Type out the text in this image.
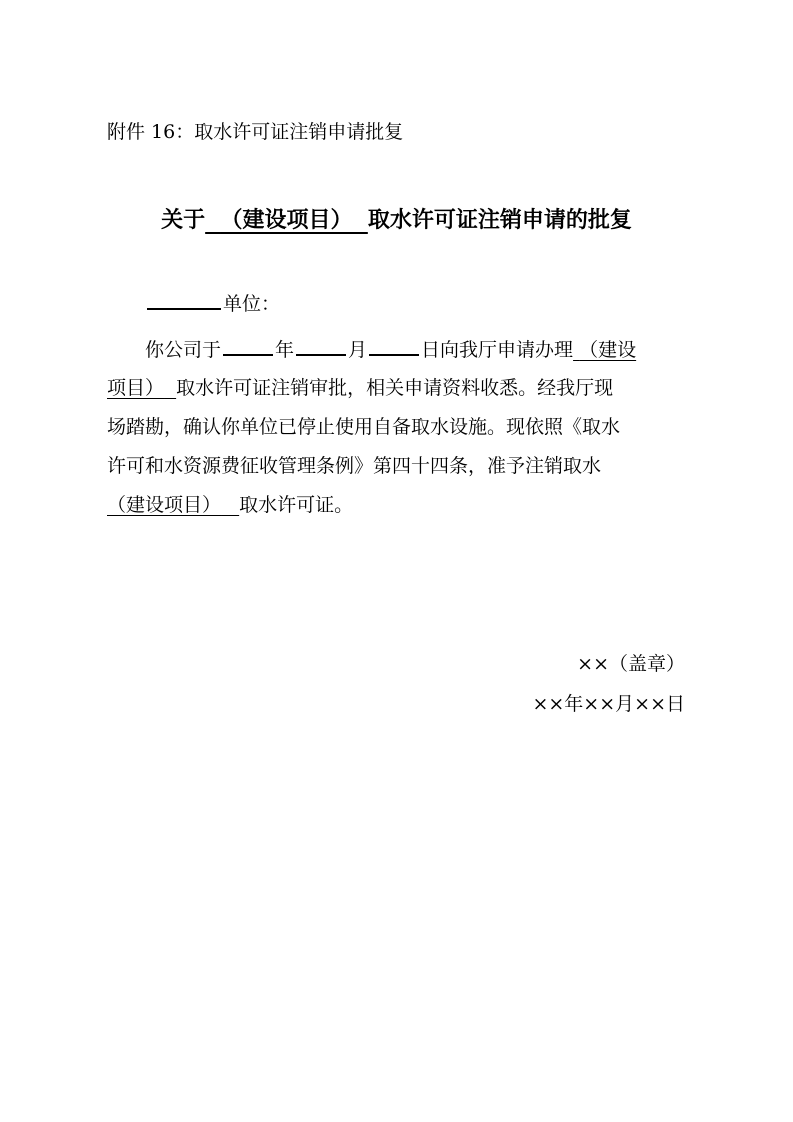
附件 16：取水许可证注销申请批复
关于 （建设项目） 取水许可证注销申请的批复
单位：
你公司于	年	月	日向我厅申请办理 （建设
项目） 取水许可证注销审批，相关申请资料收悉。经我厅现
场踏勘，确认你单位已停止使用自备取水设施。现依照《取水
许可和水资源费征收管理条例》第四十四条，准予注销取水
（建设项目） 取水许可证。
××（盖章）
××年××月××日
